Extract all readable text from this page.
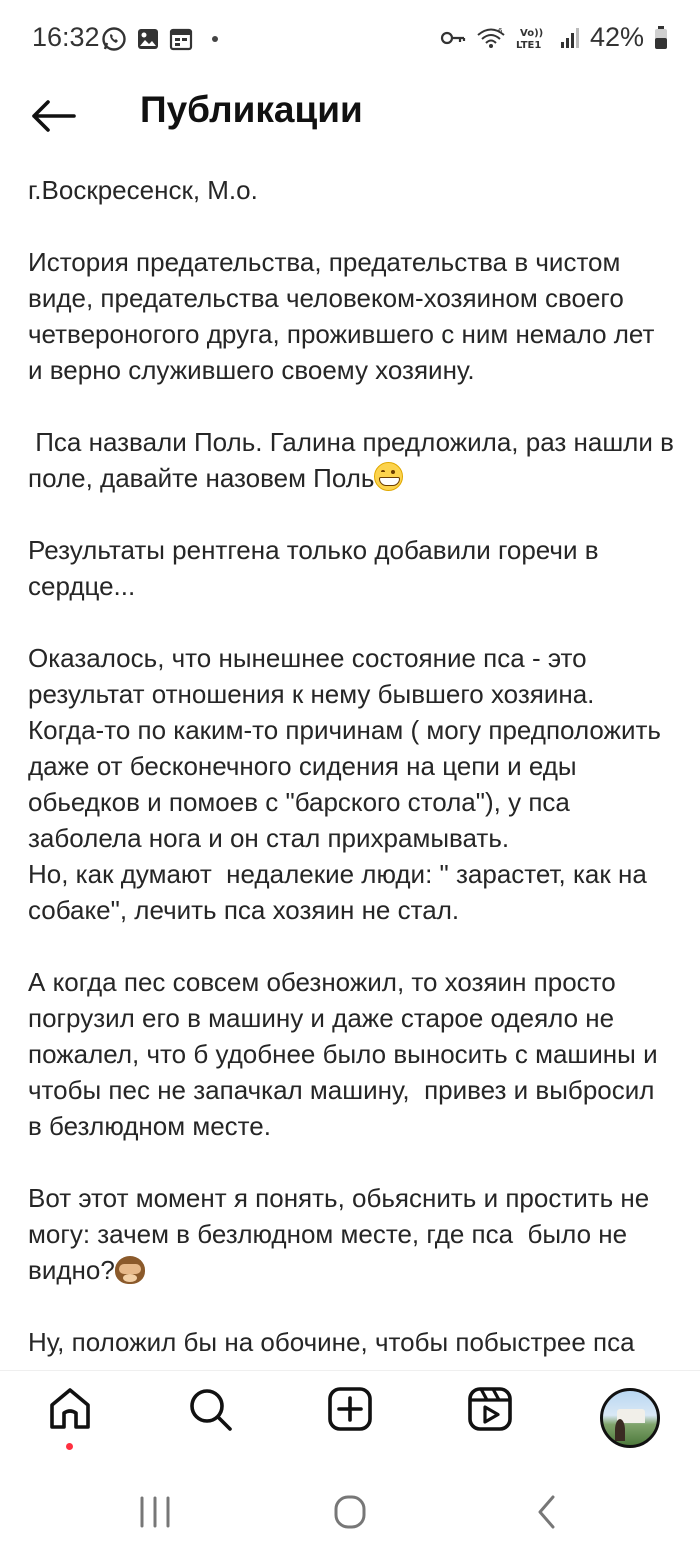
16:32	6 Vo))
LTE1 42%
Публикации

г.Воскресенск, М.о.

История предательства, предательства в чистом виде, предательства человеком-хозяином своего четвероногого друга, прожившего с ним немало лет и верно служившего своему хозяину.

Пса назвали Поль. Галина предложила, раз нашли в поле, давайте назовем Поль

Результаты рентгена только добавили горечи в сердце...

Оказалось, что нынешнее состояние пса - это результат отношения к нему бывшего хозяина. Когда-то по каким-то причинам ( могу предположить даже от бесконечного сидения на цепи и еды обьедков и помоев с "барского стола"), у пса заболела нога и он стал прихрамывать.

Но, как думают  недалекие люди: " зарастет, как на собаке", лечить пса хозяин не стал.

А когда пес совсем обезножил, то хозяин просто погрузил его в машину и даже старое одеяло не пожалел, что б удобнее было выносить с машины и чтобы пес не запачкал машину,  привез и выбросил в безлюдном месте.

Вот этот момент я понять, обьяснить и простить не могу: зачем в безлюдном месте, где пса  было не видно?

Ну, положил бы на обочине, чтобы побыстрее пса
